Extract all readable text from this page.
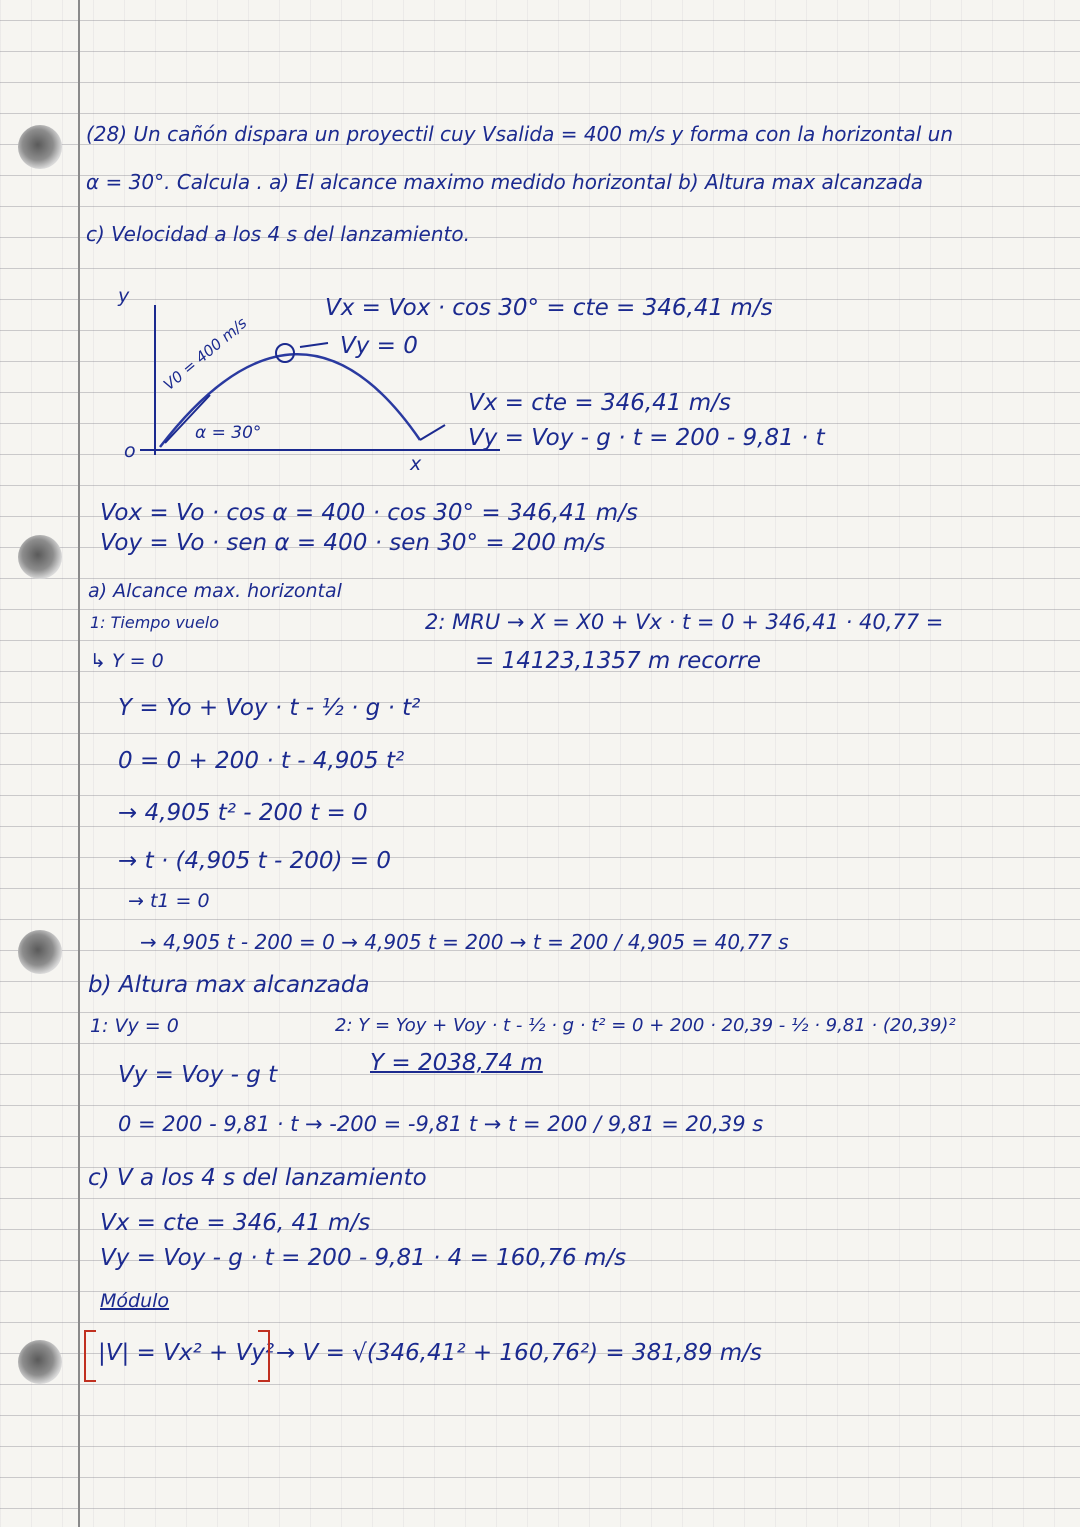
(28) Un cañón dispara un proyectil cuy Vsalida = 400 m/s y forma con la horizontal un
α = 30°. Calcula . a) El alcance maximo medido horizontal b) Altura max alcanzada
c) Velocidad a los 4 s del lanzamiento.
y
o
x
V0 = 400 m/s
α = 30°
Vx = Vox · cos 30° = cte = 346,41 m/s
Vy = 0
Vx = cte = 346,41 m/s
Vy = Voy - g · t = 200 - 9,81 · t
Vox = Vo · cos α = 400 · cos 30° = 346,41 m/s
Voy = Vo · sen α = 400 · sen 30° = 200 m/s
a) Alcance max. horizontal
1: Tiempo vuelo
↳ Y = 0
2: MRU → X = X0 + Vx · t = 0 + 346,41 · 40,77 =
= 14123,1357 m recorre
Y = Yo + Voy · t - ½ · g · t²
0 = 0 + 200 · t - 4,905 t²
→ 4,905 t² - 200 t = 0
→ t · (4,905 t - 200) = 0
→ t1 = 0
→ 4,905 t - 200 = 0 → 4,905 t = 200 → t = 200 / 4,905 = 40,77 s
b) Altura max alcanzada
1: Vy = 0	2: Y = Yoy + Voy · t - ½ · g · t² = 0 + 200 · 20,39 - ½ · 9,81 · (20,39)²
Y = 2038,74 m
Vy = Voy - g t
0 = 200 - 9,81 · t → -200 = -9,81 t → t = 200 / 9,81 = 20,39 s
c) V a los 4 s del lanzamiento
Vx = cte = 346, 41 m/s
Vy = Voy - g · t = 200 - 9,81 · 4 = 160,76 m/s
Módulo
|V| = Vx² + Vy² → V = √(346,41² + 160,76²) = 381,89 m/s
